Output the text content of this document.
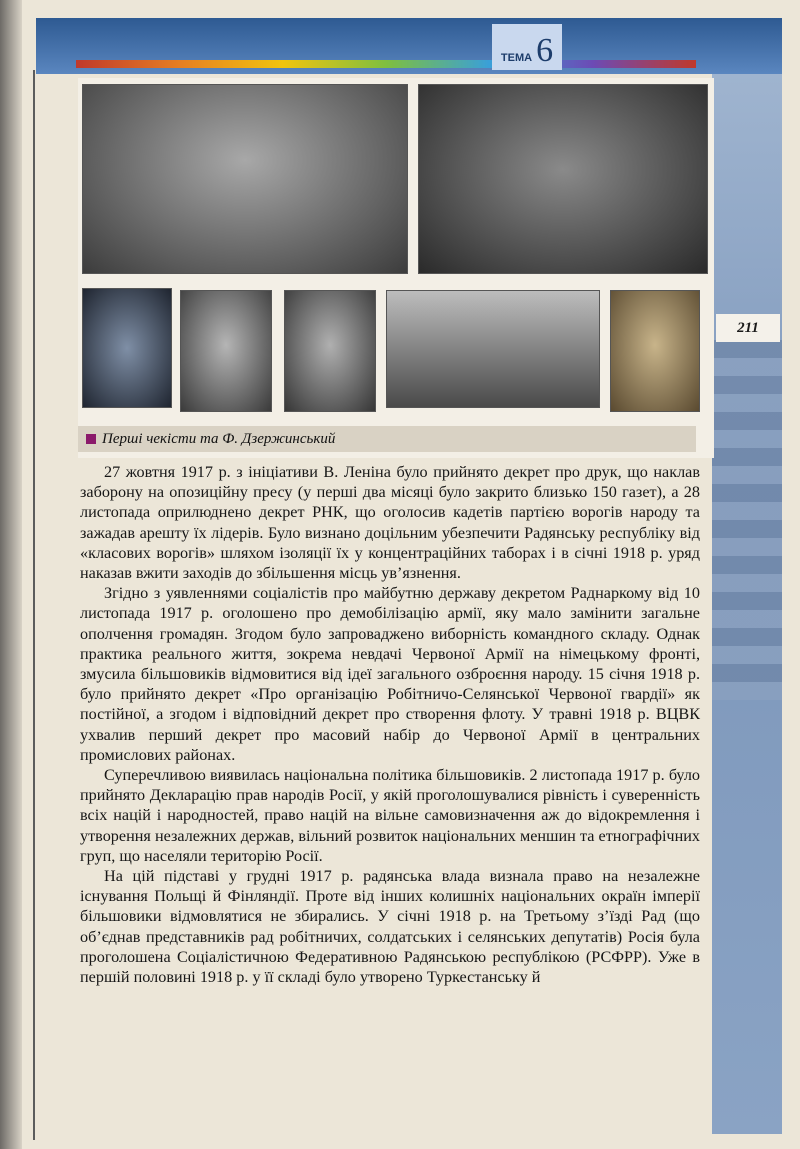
ТЕМА 6
211
Перші чекісти та Ф. Дзержинський

27 жовтня 1917 р. з ініціативи В. Леніна було прийнято декрет про друк, що наклав заборону на опозиційну пресу (у перші два місяці було закрито близько 150 газет), а 28 листопада оприлюднено декрет РНК, що оголосив кадетів партією ворогів народу та зажадав арешту їх лідерів. Було визнано доцільним убезпечити Радянську республіку від «класових ворогів» шляхом ізоляції їх у концентраційних таборах і в січні 1918 р. уряд наказав вжити заходів до збільшення місць ув’язнення.

Згідно з уявленнями соціалістів про майбутню державу декретом Раднаркому від 10 листопада 1917 р. оголошено про демобілізацію армії, яку мало замінити загальне ополчення громадян. Згодом було запроваджено виборність командного складу. Однак практика реального життя, зокрема невдачі Червоної Армії на німецькому фронті, змусила більшовиків відмовитися від ідеї загального озброєння народу. 15 січня 1918 р. було прийнято декрет «Про організацію Робітничо-Селянської Червоної гвардії» як постійної, а згодом і відповідний декрет про створення флоту. У травні 1918 р. ВЦВК ухвалив перший декрет про масовий набір до Червоної Армії в центральних промислових районах.

Суперечливою виявилась національна політика більшовиків. 2 листопада 1917 р. було прийнято Декларацію прав народів Росії, у якій проголошувалися рівність і суверенність всіх націй і народностей, право націй на вільне самовизначення аж до відокремлення і утворення незалежних держав, вільний розвиток національних меншин та етнографічних груп, що населяли територію Росії.

На цій підставі у грудні 1917 р. радянська влада визнала право на незалежне існування Польщі й Фінляндії. Проте від інших колишніх національних окраїн імперії більшовики відмовлятися не збирались. У січні 1918 р. на Третьому з’їзді Рад (що об’єднав представників рад робітничих, солдатських і селянських депутатів) Росія була проголошена Соціалістичною Федеративною Радянською республікою (РСФРР). Уже в першій половині 1918 р. у її складі було утворено Туркестанську й
